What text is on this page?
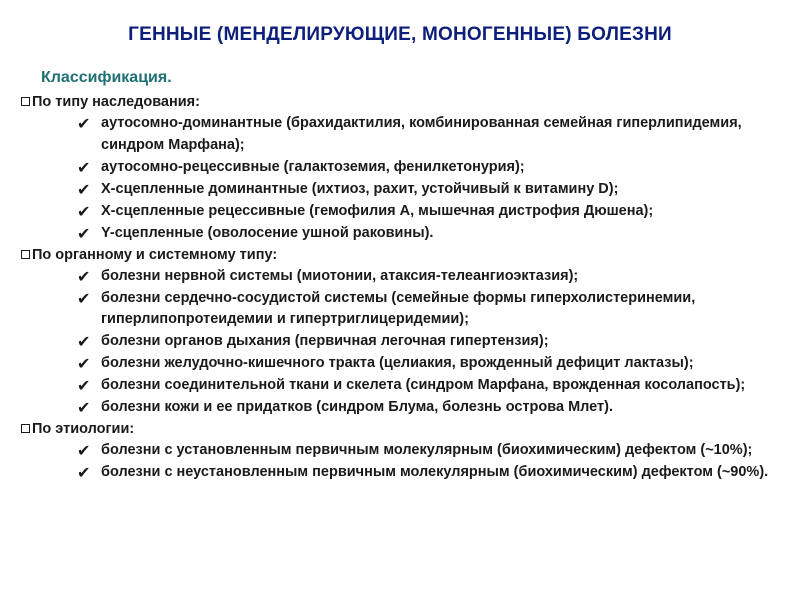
ГЕННЫЕ (МЕНДЕЛИРУЮЩИЕ, МОНОГЕННЫЕ) БОЛЕЗНИ
Классификация.
По типу наследования:
✔ аутосомно-доминантные (брахидактилия, комбинированная семейная гиперлипидемия, синдром Марфана);
✔ аутосомно-рецессивные (галактоземия, фенилкетонурия);
✔ Х-сцепленные доминантные (ихтиоз, рахит, устойчивый к витамину D);
✔ Х-сцепленные рецессивные (гемофилия А, мышечная дистрофия Дюшена);
✔ Y-сцепленные (оволосение ушной раковины).
По органному и системному типу:
✔ болезни нервной системы (миотонии, атаксия-телеангиоэктазия);
✔ болезни сердечно-сосудистой системы (семейные формы гиперхолистеринемии, гиперлипопротеидемии и гипертриглицеридемии);
✔ болезни органов дыхания (первичная легочная гипертензия);
✔ болезни желудочно-кишечного тракта (целиакия, врожденный дефицит лактазы);
✔ болезни соединительной ткани и скелета (синдром Марфана, врожденная косолапость);
✔ болезни кожи и ее придатков (синдром Блума, болезнь острова Млет).
По этиологии:
✔ болезни с установленным первичным молекулярным (биохимическим) дефектом (~10%);
✔ болезни с неустановленным первичным молекулярным (биохимическим) дефектом (~90%).
